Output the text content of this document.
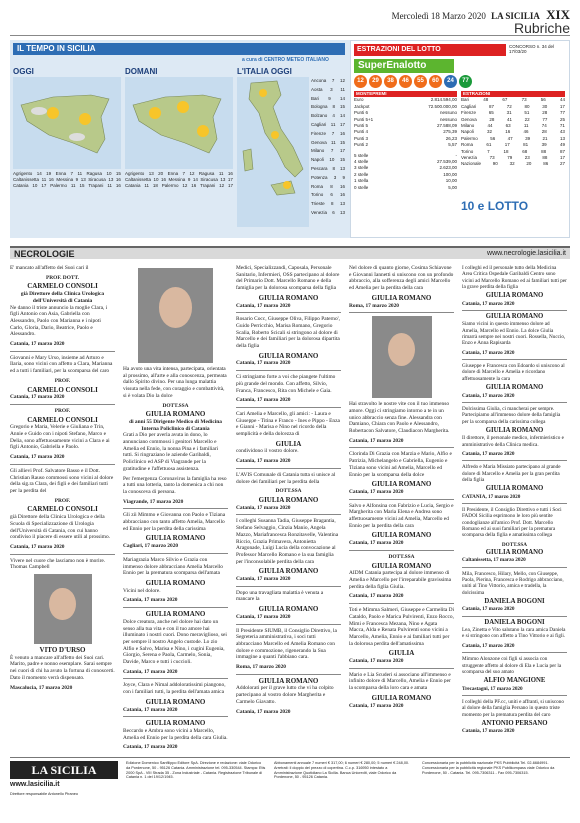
Mercoledì 18 Marzo 2020 LA SICILIA XIX
Rubriche
IL TEMPO IN SICILIA
a cura di CENTRO METEO ITALIANO
OGGI
Agrigento 14 19 Enna 7 11 Ragusa 10 15
Caltanissetta 11 16 Messina 9 13 Siracusa 13 16
Catania 10 17 Palermo 11 15 Trapani 11 16
DOMANI
Agrigento 13 20 Enna 7 12 Ragusa 11 16
Caltanissetta 10 16 Messina 9 14 Siracusa 13 17
Catania 11 18 Palermo 12 16 Trapani 12 17
L'ITALIA OGGI
Ancona 7 12
Aosta 3 11
Bari 9 14
Bologna 8 15
Bolzano 4 14
Cagliari 11 17
Firenze 7 16
Genova 11 15
Milano 7 17
Napoli 10 15
Pescara 8 13
Potenza 3 9
Roma 8 16
Torino 6 16
Trieste 8 13
Venezia 6 13
ESTRAZIONI DEL LOTTO	CONCORSO n. 34 del 17/03/20
SuperEnalotto
12	29	38	46	55	60	24	77
MONTEPREMI
Euro	2.814.594,00
Jackpot	72.500.000,00
Punti 6	nessuno
Punti 5+1	nessuno
Punti 5	27.588,09
Punti 4	275,39
Punti 3	26,23
Punti 2	5,57
5 stelle	-
4 stelle	27.539,00
3 stelle	2.623,00
2 stelle	100,00
1 stella	10,00
0 stelle	5,00
ESTRAZIONI
Bari	48	67	73	56	44
Cagliari	87	72	80	30	17
Firenze	65	31	51	28	77
Genova	28	41	22	77	25
Milano	44	63	11	74	71
Napoli	32	16	46	28	43
Palermo	56	47	39	21	13
Roma	61	17	81	39	49
Torino	7	18	68	88	87
Venezia	73	79	23	88	17
Nazionale	90	32	20	86	27
10 e LOTTO
NECROLOGIE	www.necrologie.lasicilia.it

E' mancato all'affetto dei Suoi cari il

PROF. DOTT.
CARMELO CONSOLI
già Direttore della Clinica Urologica dell'Università di Catania

Ne danno il triste annuncio la moglie Clara, i figli Antonio con Asia, Gabriella con Alessandro, Paolo con Marianna e i nipoti Carlo, Gloria, Dario, Beatrice, Paolo e Alessandro.

Catania, 17 marzo 2020

Giovanni e Mary Urso, insieme ad Arturo e Ilaria, sono vicini con affetto a Clara, Marianna ed a tutti i familiari, per la scomparsa del caro

PROF.
CARMELO CONSOLI
Catania, 17 marzo 2020
PROF.
CARMELO CONSOLI

Gregorio e Maria, Velerie e Giuliana e Trin, Annie e Guido con i nipoti Stefano, Marco e Delia, sono affettuosamente vicini a Clara e ai figli Antonio, Gabriella e Paolo.

Catania, 17 marzo 2020

Gli allievi Prof. Salvatore Basso e il Dott. Christian Rauso commossi sono vicini al dolore della sig.ra Clara, dei figli e dei familiari tutti per la perdita del

PROF.
CARMELO CONSOLI

già Direttore della Clinica Urologica e della Scuola di Specializzazione di Urologia dell'Università di Catania, con cui hanno condiviso il piacere di essere utili al prossimo.

Catania, 17 marzo 2020

Vivere nel cuore che lasciamo non è morire. Thomas Campbell

VITO D'URSO

È venuto a mancare all'affetto dei Suoi cari. Marito, padre e nonno esemplare. Sarai sempre nei cuori di chi ha avuto la fortuna di conoscerti. Dato il momento verrà dispensato.

Mascalucia, 17 marzo 2020

Ha avuto una vita intensa, partecipata, orientata al prossimo, all'arte e alla conoscenza, permeata dallo Spirito divino. Per una lunga malattia vissuta nella fede, con coraggio e combattività, si è volata Dio la dolce

DOTT.SSA
GIULIA ROMANO
di anni 55 Dirigente Medico di Medicina Interna Policlinico di Catania

Grati a Dio per averla avuta in dono, lo annunciano commossi i genitori Marcello e Amelia ed Ennio, la nonna Pina e i familiari tutti. Si ringraziano le aziende Garibaldi, Policlinico ed ASP di Viagrande per la gratitudine e l'affettuosa assistenza.

Per l'emergenza Coronavirus la famiglia ha reso a tutti una lotteria, tanto la domenica a chi non la conosceva di persona.

Viagrande, 17 marzo 2020

Gli zii Mimmo e Giovanna con Paolo e Tiziana abbracciano con tanto affetto Amelia, Marcello ed Ennio per la perdita della carissima

GIULIA ROMANO
Cagliari, 17 marzo 2020

Mariagrazia Marco Silvio e Grazia con immenso dolore abbracciano Amelia Marcello Ennio per la prematura scomparsa dell'amata

GIULIA ROMANO

Vicini nel dolore.

Catania, 17 marzo 2020
GIULIA ROMANO

Dolce creatura, anche nel dolore hai dato un senso alla tua vita e con il tuo amore hai illuminato i nostri cuori. Dono meraviglioso, sei per sempre il nostro Angelo custode. Lo zio Alfio e Salvo, Marisa e Nino, i cugini Eugenia, Giorgio, Serena e Paola, Carmelo, Sonia, Davide, Marco e tutti i cuccioli.

Catania, 17 marzo 2020

Joyce, Clara e Nimal addoloratissimi piangono, con i familiari tutti, la perdita dell'amata amica

GIULIA ROMANO
Catania, 17 marzo 2020
GIULIA ROMANO

Beccardo e Ambra sono vicini a Marcello, Amelia ed Ennio per la perdita della cara Giulia.

Catania, 17 marzo 2020

Medici, Specializzandi, Caposala, Personale Sanitario, Infermieri, OSS partecipano al dolore del Primario Dott. Marcello Romano e della famiglia per la dolorosa scomparsa della figlia

GIULIA ROMANO
Catania, 17 marzo 2020

Rosario Cocc, Giuseppe Oliva, Filippo Paterno', Guido Perricchio, Marisa Romano, Gregorio Scalia, Roberto Scicali si stringono al dolore di Marcello e dei familiari per la dolorosa dipartita della figlia

GIULIA ROMANO
Catania, 17 marzo 2020

Ci stringiamo forte a voi che piangete l'ultimo più grande del mondo. Con affetto, Silvio, Franca, Francesco, Rita con Michele e Gaia.

Catania, 17 marzo 2020

Cari Amelia e Marcello, gli amici: - Laura e Giuseppe - Titina e Franco - Ines e Pippo - Enza e Gianni - Marisa e Nino nel ricordo della semplicità e della dolcezza di

GIULIA

condividono il vostro dolore.

Catania, 17 marzo 2020

L'AVIS Comunale di Catania tutta si unisce al dolore dei familiari per la perdita della

DOTT.SSA
GIULIA ROMANO
Catania, 17 marzo 2020

I colleghi Susanna Tadia, Giuseppe Bragantia, Stefano Selvaggio, Cinzia Manio, Angela Mazzo, Mariafrancesca Ronzitavelle, Valentina Riccio, Grazia Primavera, Antonietta Aragonade, Luigi Lucia della convocazione al Professor Marcello Romano e la sua famiglia per l'inconsolabile perdita della cara

GIULIA ROMANO
Catania, 17 marzo 2020

Dopo una travagliata malattia è venuta a mancare la

GIULIA ROMANO
Catania, 17 marzo 2020

Il Presidente SIUMB, il Consiglio Direttivo, la Segreteria amministrativa, i soci tutti abbracciano Marcello ed Amelia Romano con dolore e commozione, rigenerando la Sua immagine a quanti l'abbiano cara.

Roma, 17 marzo 2020
GIULIA ROMANO

Addolorati per il grave lutto che vi ha colpito partecipano al vostro dolore Margherita e Carmelo Giavatto.

Catania, 17 marzo 2020

Nel dolore di quanto giorne, Cosima Schiavone e Giovanni Iannetti si uniscono con un profondo abbraccio, alla sofferenza degli amici Marcello ed Amelia per la perdita della cara

GIULIA ROMANO
Roma, 17 marzo 2020

Hai stravolto le nostre vite con il tuo immenso amore. Oggi ci stringiamo intorno a te in un unico abbraccio senza fine. Alessandra con Damiano, Chiara con Paolo e Alessandro, Robertacon Salvatore, Claudiacon Margherita.

Catania, 17 marzo 2020

Clorinda Di Grazia con Marzia e Mario, Alfio e Patrizia, Michelangelo e Gabriella, Eugenio e Tiziana sono vicini ad Amelia, Marcello ed Ennio per la scomparsa della dolce

GIULIA ROMANO
Catania, 17 marzo 2020

Salvo e Alfonsina con Fabrizio e Lucia, Sergio e Margherita con Maria Elena e Andrea sono affettuosamente vicini ad Amelia, Marcello ed Ennio per la perdita della cara

GIULIA ROMANO
Catania, 17 marzo 2020
DOTT.SSA
GIULIA ROMANO

AIDM Catania partecipa al dolore immenso di Amelia e Marcello per l'irreparabile gravissima perdita della figlia Giulia.

Catania, 17 marzo 2020

Toti e Mimma Salmeri, Giuseppe e Carmelita Di Cataldo, Paolo e Marica Pulvirenti, Enzo Rocco, Mimi e Francesca Mezana, Nino e Agata Macca, Alda e Renata Pulvirenti sono vicini a Marcello, Amelia, Ennio e ai familiari tutti per la dolorosa perdita dell'amatissima

GIULIA
Catania, 17 marzo 2020

Mario e Lia Scuderi si associano all'immenso e infinito dolore di Marcello, Amelia e Ennio per la scomparsa della loro cara e amata

GIULIA ROMANO
Catania, 17 marzo 2020

I colleghi ed il personale tutto della Medicina Area Critica Ospedale Garibaldi Centro sono vicini ad Marcello Romano ed ai familiari tutti per la grave perdita della figlia

GIULIA ROMANO
Catania, 17 marzo 2020
GIULIA ROMANO

Siamo vicini in questo immenso dolore ad Amelia, Marcello ed Ennio. La dolce Giulia rimarrà sempre nei nostri cuori. Rossella, Nuccio, Enzo e Anna Rapisarda

Catania, 17 marzo 2020

Giuseppe e Francesca con Edoardo si uniscono al dolore di Marcello e Amelia e ricordano affettuosamente la cara

GIULIA ROMANO
Catania, 17 marzo 2020

Dolcissima Giulia, ci mancherai per sempre. Partecipiamo all'immenso dolore della famiglia per la scomparsa della carissima collega

GIULIA ROMANO

Il direttore, il personale medico, infermieristico e amministrativo della Clinica medica.

Catania, 17 marzo 2020

Alfredo e Maria Missiato partecipano al grande dolore di Marcello e Amelia per la gran perdita della figlia

GIULIA ROMANO
CATANIA, 17 marzo 2020

Il Presidente, il Consiglio Direttivo e tutti i Soci FADOI Sicilia esprimono le loro più sentite condoglianze all'amico Prof. Dott. Marcello Romano ed ai suoi familiari per la prematura scomparsa della figlia e amatissima collega

DOTT.SSA
GIULIA ROMANO
Caltanissetta, 17 marzo 2020

Mila, Francesco, Hilary, Mello, con Giuseppe, Paola, Pierina, Francesca e Rodrigo abbracciano, uniti al Tino Vittorio, amica e tradella, la dolcissima

DANIELA BOGONI
Catania, 17 marzo 2020
DANIELA BOGONI

Lea, Zinetta e Vito salutano la cara amica Daniela e si stringono con affetto a Tino Vittorio e ai figli.

Catania, 17 marzo 2020

Mimmo Alonzone coi figli si associa con struggente affetto al dolore di Ela e Lucia per la scomparsa del suo amato

ALFIO MANGIONE
Trecastagni, 17 marzo 2020

I colleghi della PF.cc, uniti e affranti, si uniscono al dolore della famiglia Persano in questo triste momento per la prematura perdita del caro

ANTONIO PERSANO
Catania, 17 marzo 2020
LA SICILIA
www.lasicilia.it
Direttore responsabile Antonello Piraneo
Edizione Domenico Sanfilippo Editore SpA. Direzione e redazione: viale Odorico da Pordenone, 50 - 95126 Catania. Amministrazione tel. 095-330544. Stampa: Etis 2000 SpA - VIII Strada 35 - Zona Industriale - Catania. Registrazione Tribunale di Catania n. 1 del 19/12/1945.
Abbonamenti annuale 7 numeri € 317,00; 6 numeri € 280,00; 5 numeri € 248,00. Arretrati: il doppio del prezzo di copertina. C.c.p. 316950 intestato a Amministrazione Quotidiano La Sicilia. Banca Unicredit, viale Odorico da Pordenone, 50 - 95126 Catania.
Concessionaria per la pubblicità nazionale PKS Pubblicità Tel. 02-6684991. Concessionaria per la pubblicità regionale PKS Publikompass viale Odorico da Pordenone, 50 - Catania. Tel. 095-7306311 - Fax 095-7306315.
